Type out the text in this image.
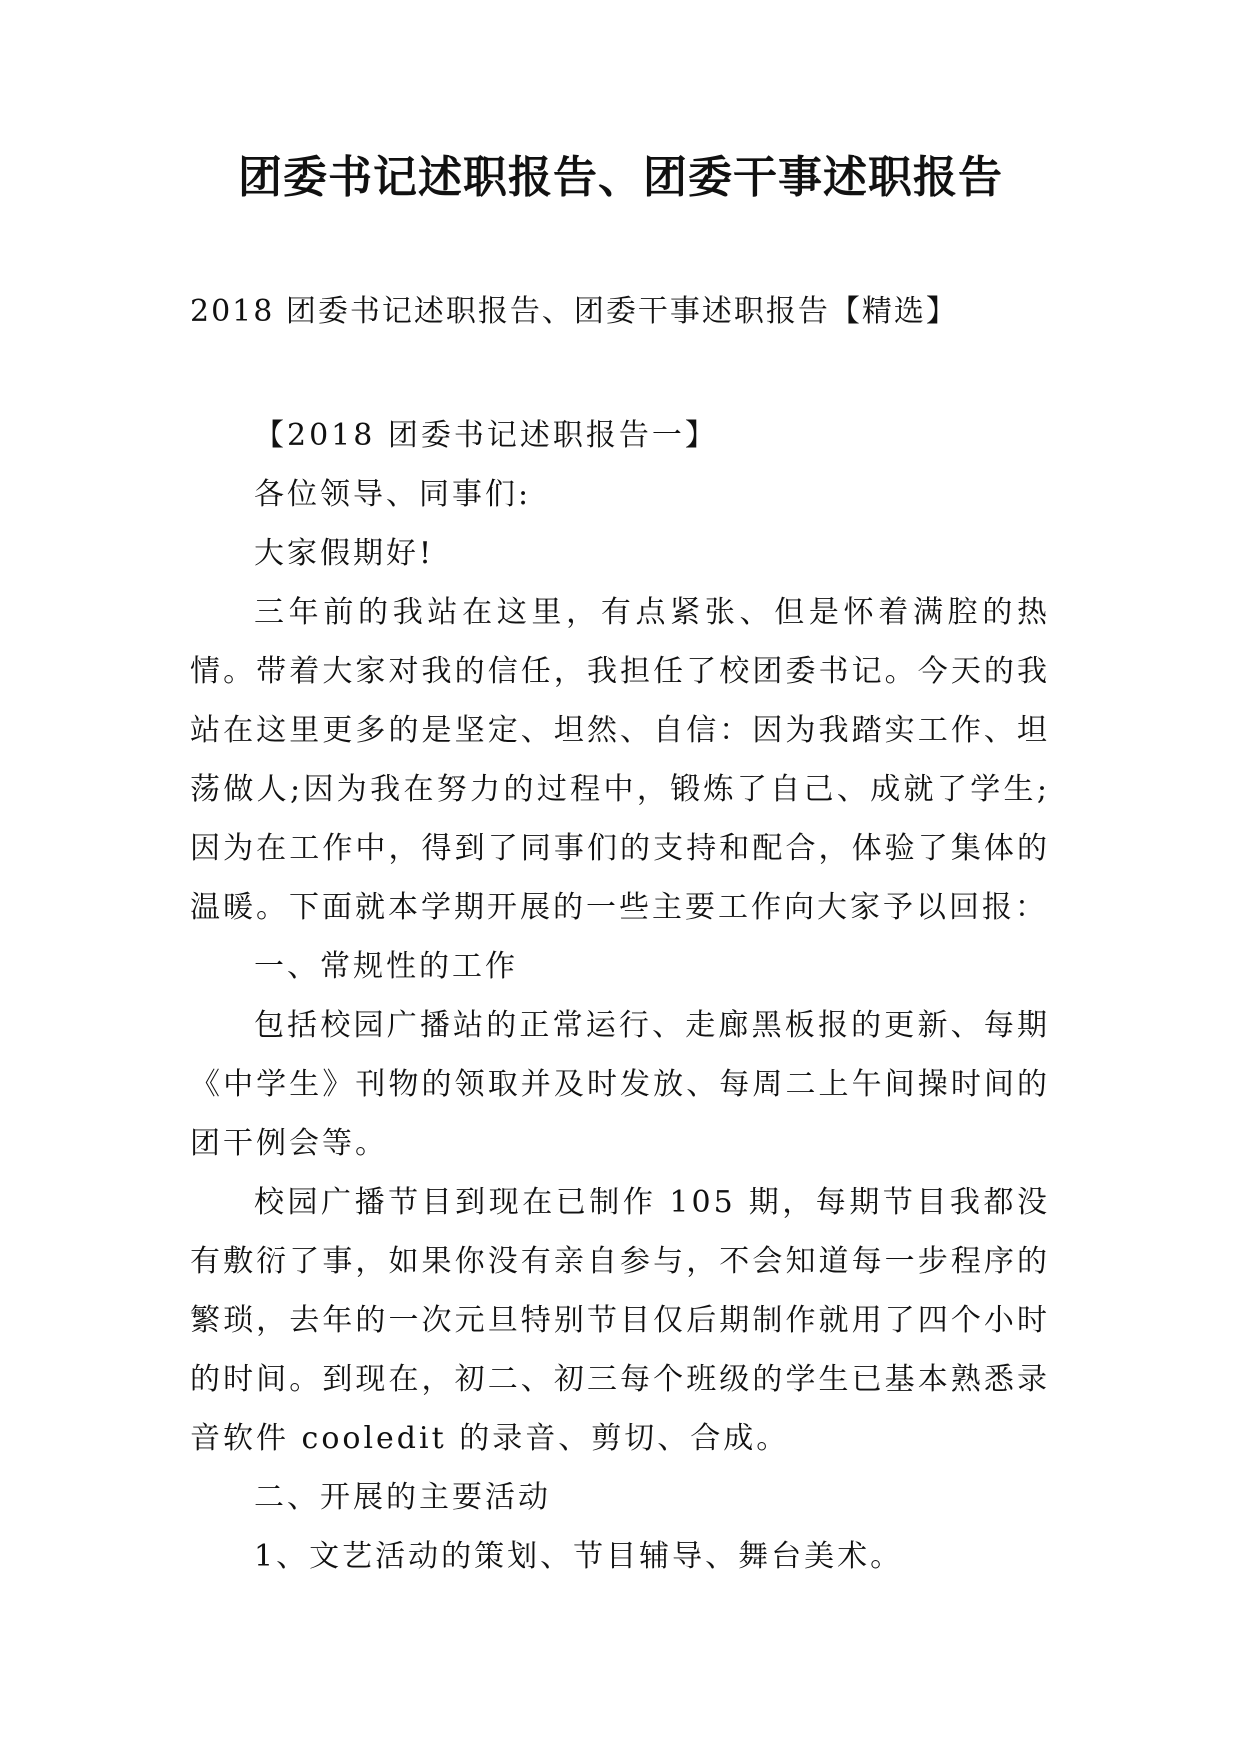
团委书记述职报告、团委干事述职报告

2018 团委书记述职报告、团委干事述职报告【精选】

【2018 团委书记述职报告一】

各位领导、同事们:

大家假期好!

三年前的我站在这里，有点紧张、但是怀着满腔的热情。带着大家对我的信任，我担任了校团委书记。今天的我站在这里更多的是坚定、坦然、自信：因为我踏实工作、坦荡做人;因为我在努力的过程中，锻炼了自己、成就了学生;因为在工作中，得到了同事们的支持和配合，体验了集体的温暖。下面就本学期开展的一些主要工作向大家予以回报：

一、常规性的工作

包括校园广播站的正常运行、走廊黑板报的更新、每期《中学生》刊物的领取并及时发放、每周二上午间操时间的团干例会等。

校园广播节目到现在已制作 105 期，每期节目我都没有敷衍了事，如果你没有亲自参与，不会知道每一步程序的繁琐，去年的一次元旦特别节目仅后期制作就用了四个小时的时间。到现在，初二、初三每个班级的学生已基本熟悉录音软件 cooledit 的录音、剪切、合成。

二、开展的主要活动

1、文艺活动的策划、节目辅导、舞台美术。
